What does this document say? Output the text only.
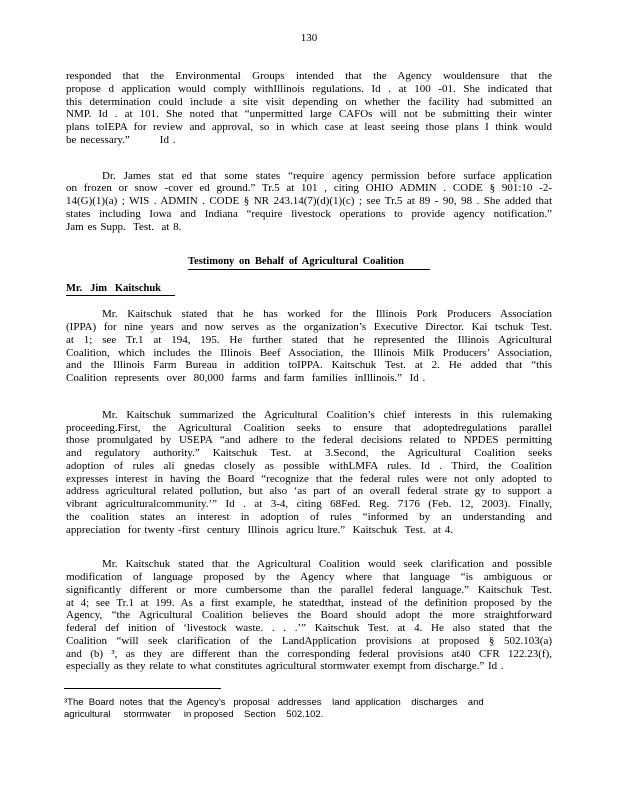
130
responded that the Environmental Groups intended that the Agency wouldensure that the
propose d application would comply withIllinois regulations. Id . at 100 -01. She indicated that
this determination could include a site visit depending on whether the facility had submitted an
NMP. Id . at 101. She noted that “unpermitted large CAFOs will not be submitting their winter
plans toIEPA for review and approval, so in which case at least seeing those plans I think would
be necessary.”        Id .
Dr. James stat ed that some states “require agency permission before surface application
on frozen or snow -cover ed ground.” Tr.5 at 101 , citing OHIO ADMIN . CODE § 901:10 -2-
14(G)(1)(a) ; WIS . ADMIN . CODE § NR 243.14(7)(d)(1)(c) ; see Tr.5 at 89 - 90, 98 . She added that
states including Iowa and Indiana “require livestock operations to provide agency notification.”
Jam es Supp.  Test.  at 8.
Testimony on Behalf of Agricultural Coalition
Mr. Jim Kaitschuk
Mr. Kaitschuk stated that he has worked for the Illinois Pork Producers Association
(IPPA) for nine years and now serves as the organization’s Executive Director. Kai tschuk Test.
at 1; see Tr.1 at 194, 195. He further stated that he represented the Illinois Agricultural
Coalition, which includes the Illinois Beef Association, the Illinois Milk Producers’ Association,
and the Illinois Farm Bureau in addition toIPPA. Kaitschuk Test. at 2. He added that “this
Coalition  represents  over  80,000  farms  and farm  families  inIllinois.”  Id .
Mr. Kaitschuk summarized the Agricultural Coalition’s chief interests in this rulemaking
proceeding.First, the Agricultural Coalition seeks to ensure that adoptedregulations parallel
those promulgated by USEPA “and adhere to the federal decisions related to NPDES permitting
and regulatory authority.” Kaitschuk Test. at 3.Second, the Agricultural Coalition seeks
adoption of rules ali gnedas closely as possible withLMFA rules. Id . Third, the Coalition
expresses interest in having the Board “recognize that the federal rules were not only adopted to
address agricultural related pollution, but also ‘as part of an overall federal strate gy to support a
vibrant agriculturalcommunity.’” Id . at 3-4, citing 68Fed. Reg. 7176 (Feb. 12, 2003). Finally,
the coalition states an interest in adoption of rules “informed by an understanding and
appreciation  for twenty -first  century  Illinois  agricu lture.”  Kaitschuk  Test.  at 4.
Mr. Kaitschuk stated that the Agricultural Coalition would seek clarification and possible
modification of language proposed by the Agency where that language “is ambiguous or
significantly different or more cumbersome than the parallel federal language.” Kaitschuk Test.
at 4; see Tr.1 at 199. As a first example, he statedthat, instead of the definition proposed by the
Agency, “the Agricultural Coalition believes the Board should adopt the more straightforward
federal def inition of ‘livestock waste. . . .’” Kaitschuk Test. at 4. He also stated that the
Coalition “will seek clarification of the LandApplication provisions at proposed § 502.103(a)
and (b) ³, as they are different than the corresponding federal provisions at40 CFR 122.23(f),
especially as they relate to what constitutes agricultural stormwater exempt from discharge.” Id .
³The  Board  notes  that  the  Agency’s   proposal   addresses    land  application    discharges    and
agricultural     stormwater     in proposed    Section    502.102.
